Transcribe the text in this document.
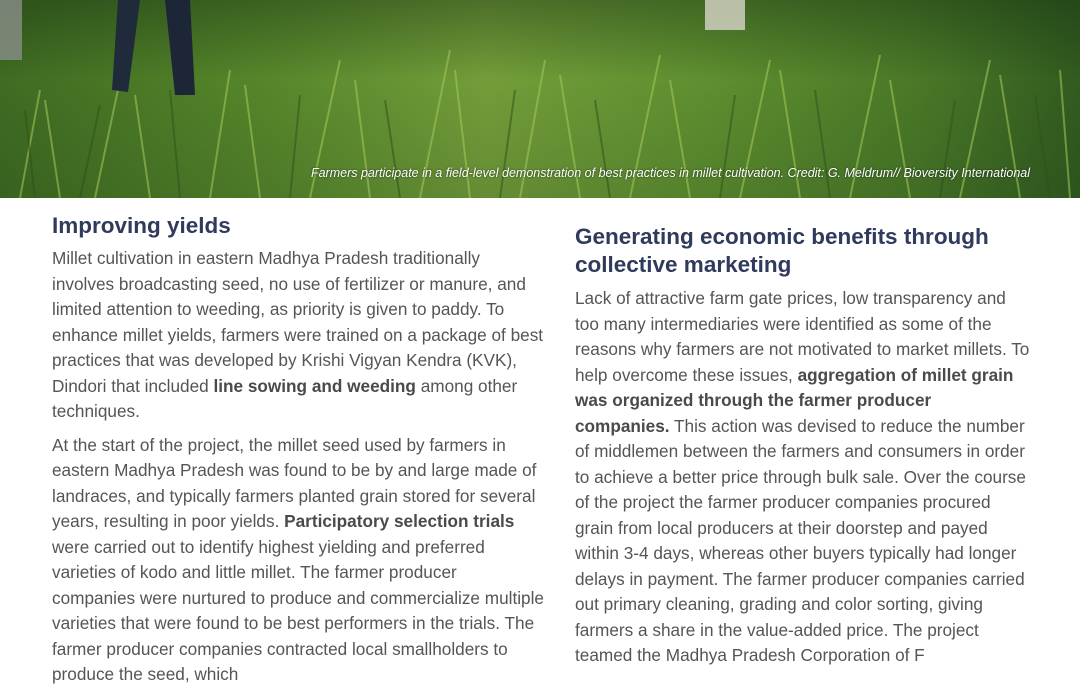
Farmers participate in a field-level demonstration of best practices in millet cultivation. Credit: G. Meldrum// Bioversity International
Improving yields

Millet cultivation in eastern Madhya Pradesh traditionally involves broadcasting seed, no use of fertilizer or manure, and limited attention to weeding, as priority is given to paddy. To enhance millet yields, farmers were trained on a package of best practices that was developed by Krishi Vigyan Kendra (KVK), Dindori that included line sowing and weeding among other techniques.

At the start of the project, the millet seed used by farmers in eastern Madhya Pradesh was found to be by and large made of landraces, and typically farmers planted grain stored for several years, resulting in poor yields. Participatory selection trials were carried out to identify highest yielding and preferred varieties of kodo and little millet. The farmer producer companies were nurtured to produce and commercialize multiple varieties that were found to be best performers in the trials. The farmer producer companies contracted local smallholders to produce the seed, which

Generating economic benefits through collective marketing

Lack of attractive farm gate prices, low transparency and too many intermediaries were identified as some of the reasons why farmers are not motivated to market millets. To help overcome these issues, aggregation of millet grain was organized through the farmer producer companies. This action was devised to reduce the number of middlemen between the farmers and consumers in order to achieve a better price through bulk sale. Over the course of the project the farmer producer companies procured grain from local producers at their doorstep and payed within 3-4 days, whereas other buyers typically had longer delays in payment. The farmer producer companies carried out primary cleaning, grading and color sorting, giving farmers a share in the value-added price. The project teamed the Madhya Pradesh Corporation of F
